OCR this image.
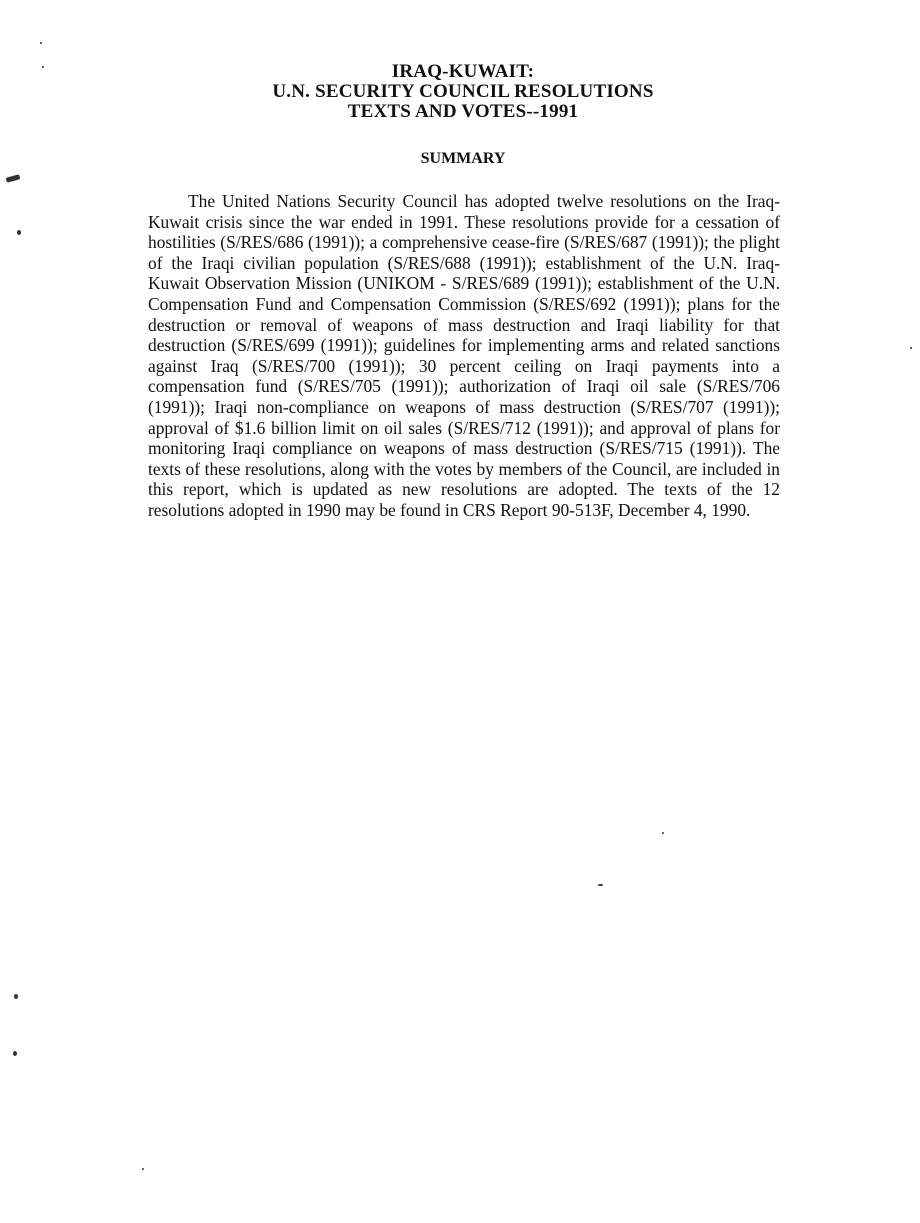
IRAQ-KUWAIT:
U.N. SECURITY COUNCIL RESOLUTIONS
TEXTS AND VOTES--1991
SUMMARY

The United Nations Security Council has adopted twelve resolutions on the Iraq-Kuwait crisis since the war ended in 1991. These resolutions provide for a cessation of hostilities (S/RES/686 (1991)); a comprehensive cease-fire (S/RES/687 (1991)); the plight of the Iraqi civilian population (S/RES/688 (1991)); establishment of the U.N. Iraq-Kuwait Observation Mission (UNIKOM - S/RES/689 (1991)); establishment of the U.N. Compensation Fund and Compensation Commission (S/RES/692 (1991)); plans for the destruction or removal of weapons of mass destruction and Iraqi liability for that destruction (S/RES/699 (1991)); guidelines for implementing arms and related sanctions against Iraq (S/RES/700 (1991)); 30 percent ceiling on Iraqi payments into a compensation fund (S/RES/705 (1991)); authorization of Iraqi oil sale (S/RES/706 (1991)); Iraqi non-compliance on weapons of mass destruction (S/RES/707 (1991)); approval of $1.6 billion limit on oil sales (S/RES/712 (1991)); and approval of plans for monitoring Iraqi compliance on weapons of mass destruction (S/RES/715 (1991)). The texts of these resolutions, along with the votes by members of the Council, are included in this report, which is updated as new resolutions are adopted. The texts of the 12 resolutions adopted in 1990 may be found in CRS Report 90-513F, December 4, 1990.
